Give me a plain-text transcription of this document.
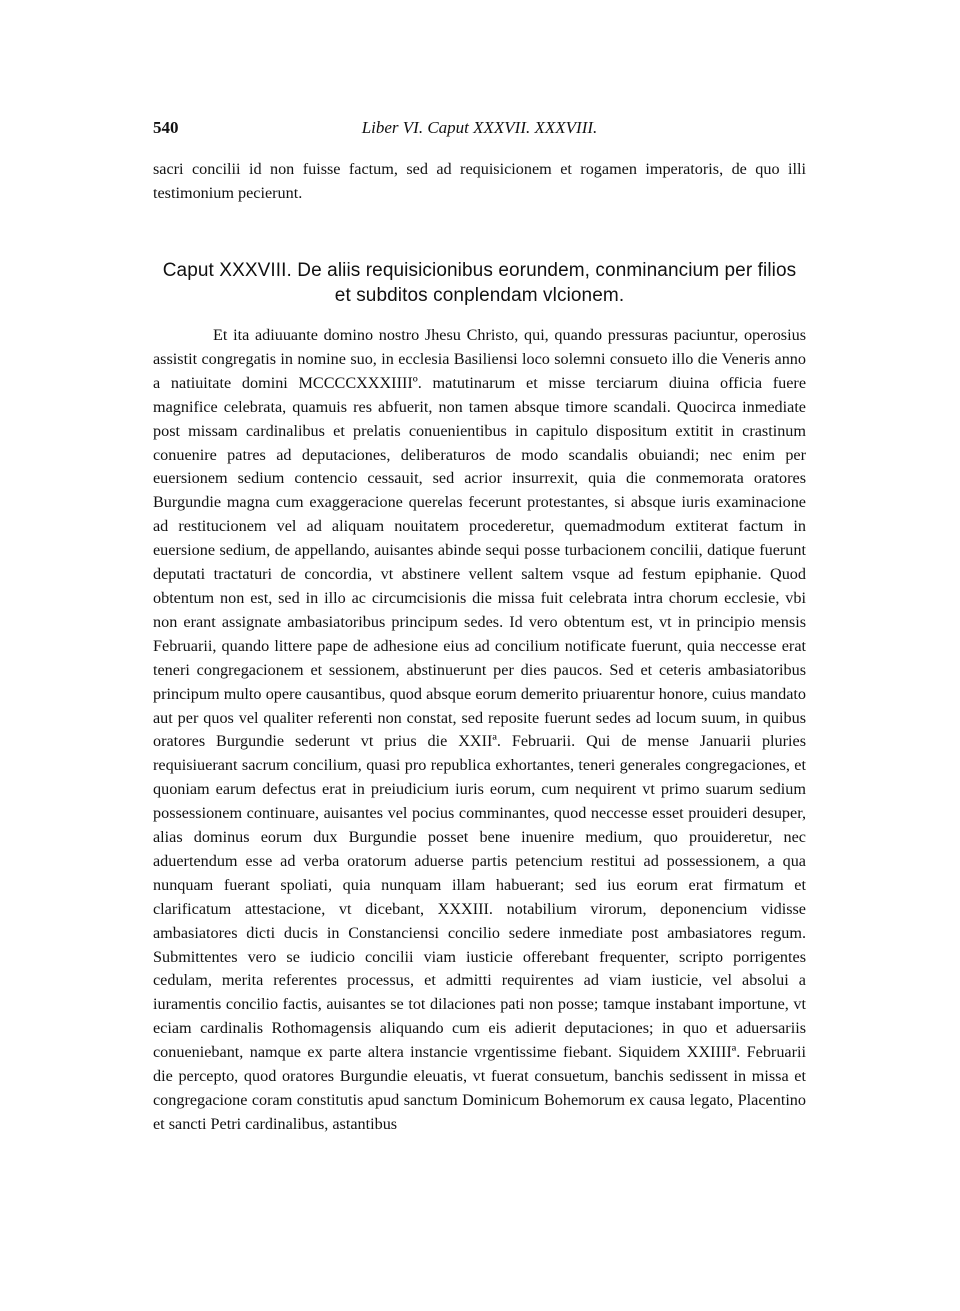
540	Liber VI. Caput XXXVII. XXXVIII.

sacri concilii id non fuisse factum, sed ad requisicionem et rogamen imperatoris, de quo illi testimonium pecierunt.

Caput XXXVIII. De aliis requisicionibus eorundem, conminancium per filios et subditos conplendam vlcionem.

Et ita adiuuante domino nostro Jhesu Christo, qui, quando pressuras paciuntur, operosius assistit congregatis in nomine suo, in ecclesia Basiliensi loco solemni consueto illo die Veneris anno a natiuitate domini MCCCCXXXIIIIº. matutinarum et misse terciarum diuina officia fuere magnifice celebrata, quamuis res abfuerit, non tamen absque timore scandali. Quocirca inmediate post missam cardinalibus et prelatis conuenientibus in capitulo dispositum extitit in crastinum conuenire patres ad deputaciones, deliberaturos de modo scandalis obuiandi; nec enim per euersionem sedium contencio cessauit, sed acrior insurrexit, quia die conmemorata oratores Burgundie magna cum exaggeracione querelas fecerunt protestantes, si absque iuris examinacione ad restitucionem vel ad aliquam nouitatem procederetur, quemadmodum extiterat factum in euersione sedium, de appellando, auisantes abinde sequi posse turbacionem concilii, datique fuerunt deputati tractaturi de concordia, vt abstinere vellent saltem vsque ad festum epiphanie. Quod obtentum non est, sed in illo ac circumcisionis die missa fuit celebrata intra chorum ecclesie, vbi non erant assignate ambasiatoribus principum sedes. Id vero obtentum est, vt in principio mensis Februarii, quando littere pape de adhesione eius ad concilium notificate fuerunt, quia neccesse erat teneri congregacionem et sessionem, abstinuerunt per dies paucos. Sed et ceteris ambasiatoribus principum multo opere causantibus, quod absque eorum demerito priuarentur honore, cuius mandato aut per quos vel qualiter referenti non constat, sed reposite fuerunt sedes ad locum suum, in quibus oratores Burgundie sederunt vt prius die XXIIª. Februarii. Qui de mense Januarii pluries requisiuerant sacrum concilium, quasi pro republica exhortantes, teneri generales congregaciones, et quoniam earum defectus erat in preiudicium iuris eorum, cum nequirent vt primo suarum sedium possessionem continuare, auisantes vel pocius comminantes, quod neccesse esset prouideri desuper, alias dominus eorum dux Burgundie posset bene inuenire medium, quo prouideretur, nec aduertendum esse ad verba oratorum aduerse partis petencium restitui ad possessionem, a qua nunquam fuerant spoliati, quia nunquam illam habuerant; sed ius eorum erat firmatum et clarificatum attestacione, vt dicebant, XXXIII. notabilium virorum, deponencium vidisse ambasiatores dicti ducis in Constanciensi concilio sedere inmediate post ambasiatores regum. Submittentes vero se iudicio concilii viam iusticie offerebant frequenter, scripto porrigentes cedulam, merita referentes processus, et admitti requirentes ad viam iusticie, vel absolui a iuramentis concilio factis, auisantes se tot dilaciones pati non posse; tamque instabant importune, vt eciam cardinalis Rothomagensis aliquando cum eis adierit deputaciones; in quo et aduersariis conueniebant, namque ex parte altera instancie vrgentissime fiebant. Siquidem XXIIIIª. Februarii die percepto, quod oratores Burgundie eleuatis, vt fuerat consuetum, banchis sedissent in missa et congregacione coram constitutis apud sanctum Dominicum Bohemorum ex causa legato, Placentino et sancti Petri cardinalibus, astantibus
